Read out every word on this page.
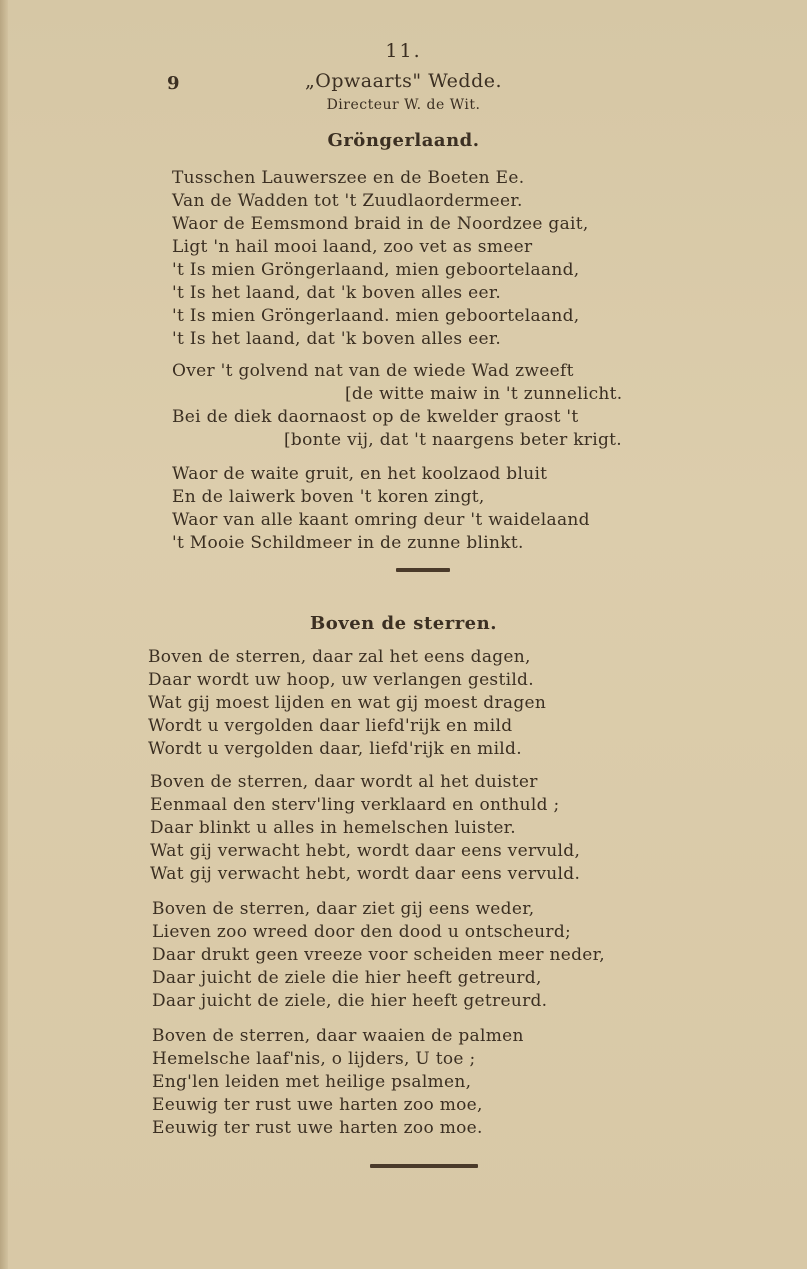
11.
9	„Opwaarts" Wedde.
Directeur W. de Wit.
Gröngerlaand.
Tusschen Lauwerszee en de Boeten Ee.
Van de Wadden tot 't Zuudlaordermeer.
Waor de Eemsmond braid in de Noordzee gait,
Ligt 'n hail mooi laand, zoo vet as smeer
't Is mien Gröngerlaand, mien geboortelaand,
't Is het laand, dat 'k boven alles eer.
't Is mien Gröngerlaand. mien geboortelaand,
't Is het laand, dat 'k boven alles eer.
Over 't golvend nat van de wiede Wad zweeft
[de witte maiw in 't zunnelicht.
Bei de diek daornaost op de kwelder graost 't
[bonte vij, dat 't naargens beter krigt.
Waor de waite gruit, en het koolzaod bluit
En de laiwerk boven 't koren zingt,
Waor van alle kaant omring deur 't waidelaand
't Mooie Schildmeer in de zunne blinkt.
Boven de sterren.
Boven de sterren, daar zal het eens dagen,
Daar wordt uw hoop, uw verlangen gestild.
Wat gij moest lijden en wat gij moest dragen
Wordt u vergolden daar liefd'rijk en mild
Wordt u vergolden daar, liefd'rijk en mild.
Boven de sterren, daar wordt al het duister
Eenmaal den sterv'ling verklaard en onthuld ;
Daar blinkt u alles in hemelschen luister.
Wat gij verwacht hebt, wordt daar eens vervuld,
Wat gij verwacht hebt, wordt daar eens vervuld.
Boven de sterren, daar ziet gij eens weder,
Lieven zoo wreed door den dood u ontscheurd;
Daar drukt geen vreeze voor scheiden meer neder,
Daar juicht de ziele die hier heeft getreurd,
Daar juicht de ziele, die hier heeft getreurd.
Boven de sterren, daar waaien de palmen
Hemelsche laaf'nis, o lijders, U toe ;
Eng'len leiden met heilige psalmen,
Eeuwig ter rust uwe harten zoo moe,
Eeuwig ter rust uwe harten zoo moe.
